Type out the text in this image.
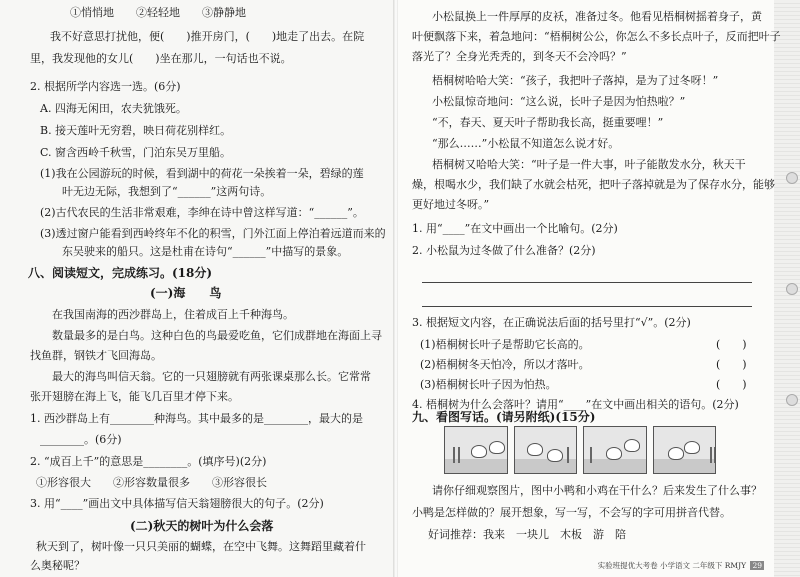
①悄悄地　　②轻轻地　　③静静地
我不好意思打扰他，便(　　)推开房门，(　　)地走了出去。在院
里，我发现他的女儿(　　)坐在那儿，一句话也不说。
2. 根据所学内容选一选。(6分)
A. 四海无闲田，农夫犹饿死。
B. 接天莲叶无穷碧，映日荷花别样红。
C. 窗含西岭千秋雪，门泊东吴万里船。
(1)我在公园游玩的时候，看到湖中的荷花一朵挨着一朵，碧绿的莲
叶无边无际，我想到了“______”这两句诗。
(2)古代农民的生活非常艰难，李绅在诗中曾这样写道：“______”。
(3)透过窗户能看到西岭终年不化的积雪，门外江面上停泊着远道而来的
东吴驶来的船只。这是杜甫在诗句“______”中描写的景象。
八、阅读短文，完成练习。(18分)
(一)海　　鸟
在我国南海的西沙群岛上，住着成百上千种海鸟。
数量最多的是白鸟。这种白色的鸟最爱吃鱼，它们成群地在海面上寻
找鱼群，钢铁才飞回海岛。
最大的海鸟叫信天翁。它的一只翅膀就有两张课桌那么长。它常常
张开翅膀在海上飞，能飞几百里才停下来。
1. 西沙群岛上有________种海鸟。其中最多的是________，最大的是
________。(6分)
2. “成百上千”的意思是________。(填序号)(2分)
①形容很大　　②形容数量很多　　③形容很长
3. 用“____”画出文中具体描写信天翁翅膀很大的句子。(2分)
(二)秋天的树叶为什么会落
秋天到了，树叶像一只只美丽的蝴蝶，在空中飞舞。这舞蹈里藏着什
么奥秘呢？
小松鼠换上一件厚厚的皮袄，准备过冬。他看见梧桐树摇着身子，黄
叶便飘落下来，着急地问：“梧桐树公公，你怎么不多长点叶子，反而把叶子
落光了？全身光秃秃的，到冬天不会冷吗？”
梧桐树哈哈大笑：“孩子，我把叶子落掉，是为了过冬呀！”
小松鼠惊奇地问：“这么说，长叶子是因为怕热啦？”
“不，春天、夏天叶子帮助我长高，挺重要哩！”
“那么……”小松鼠不知道怎么说才好。
梧桐树又哈哈大笑：“叶子是一件大事，叶子能散发水分，秋天干
燥，根喝水少，我们缺了水就会枯死，把叶子落掉就是为了保存水分，能够
更好地过冬呀。”
1. 用“____”在文中画出一个比喻句。(2分)
2. 小松鼠为过冬做了什么准备？(2分)
3. 根据短文内容，在正确说法后面的括号里打“√”。(2分)
(1)梧桐树长叶子是帮助它长高的。	(　　)
(2)梧桐树冬天怕冷，所以才落叶。	(　　)
(3)梧桐树长叶子因为怕热。	(　　)
4. 梧桐树为什么会落叶？请用“____”在文中画出相关的语句。(2分)
九、看图写话。(请另附纸)(15分)
请你仔细观察图片，图中小鸭和小鸡在干什么？后来发生了什么事？
小鸭是怎样做的？展开想象，写一写，不会写的字可用拼音代替。
好词推荐：我来　一块儿　木板　游　陪
实验班提优大考卷 小学语文 二年级下 RMJY 29
